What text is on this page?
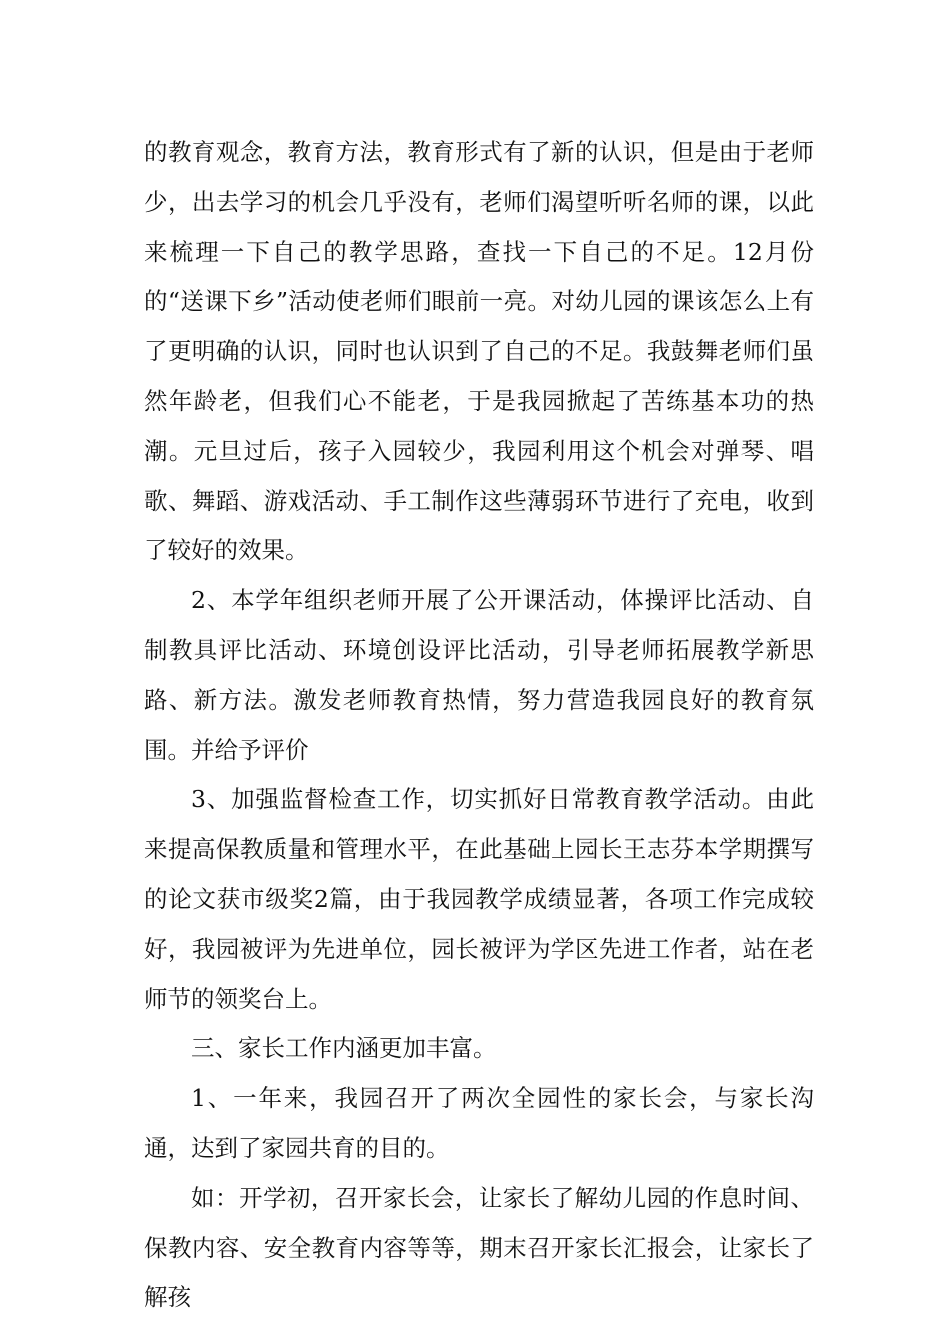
的教育观念，教育方法，教育形式有了新的认识，但是由于老师少，出去学习的机会几乎没有，老师们渴望听听名师的课，以此来梳理一下自己的教学思路，查找一下自己的不足。12月份的“送课下乡”活动使老师们眼前一亮。对幼儿园的课该怎么上有了更明确的认识，同时也认识到了自己的不足。我鼓舞老师们虽然年龄老，但我们心不能老，于是我园掀起了苦练基本功的热潮。元旦过后，孩子入园较少，我园利用这个机会对弹琴、唱歌、舞蹈、游戏活动、手工制作这些薄弱环节进行了充电，收到了较好的效果。

2、本学年组织老师开展了公开课活动，体操评比活动、自制教具评比活动、环境创设评比活动，引导老师拓展教学新思路、新方法。激发老师教育热情，努力营造我园良好的教育氛围。并给予评价

3、加强监督检查工作，切实抓好日常教育教学活动。由此来提高保教质量和管理水平，在此基础上园长王志芬本学期撰写的论文获市级奖2篇，由于我园教学成绩显著，各项工作完成较好，我园被评为先进单位，园长被评为学区先进工作者，站在老师节的领奖台上。

三、家长工作内涵更加丰富。

1、一年来，我园召开了两次全园性的家长会，与家长沟通，达到了家园共育的目的。

如：开学初，召开家长会，让家长了解幼儿园的作息时间、保教内容、安全教育内容等等，期末召开家长汇报会，让家长了解孩
